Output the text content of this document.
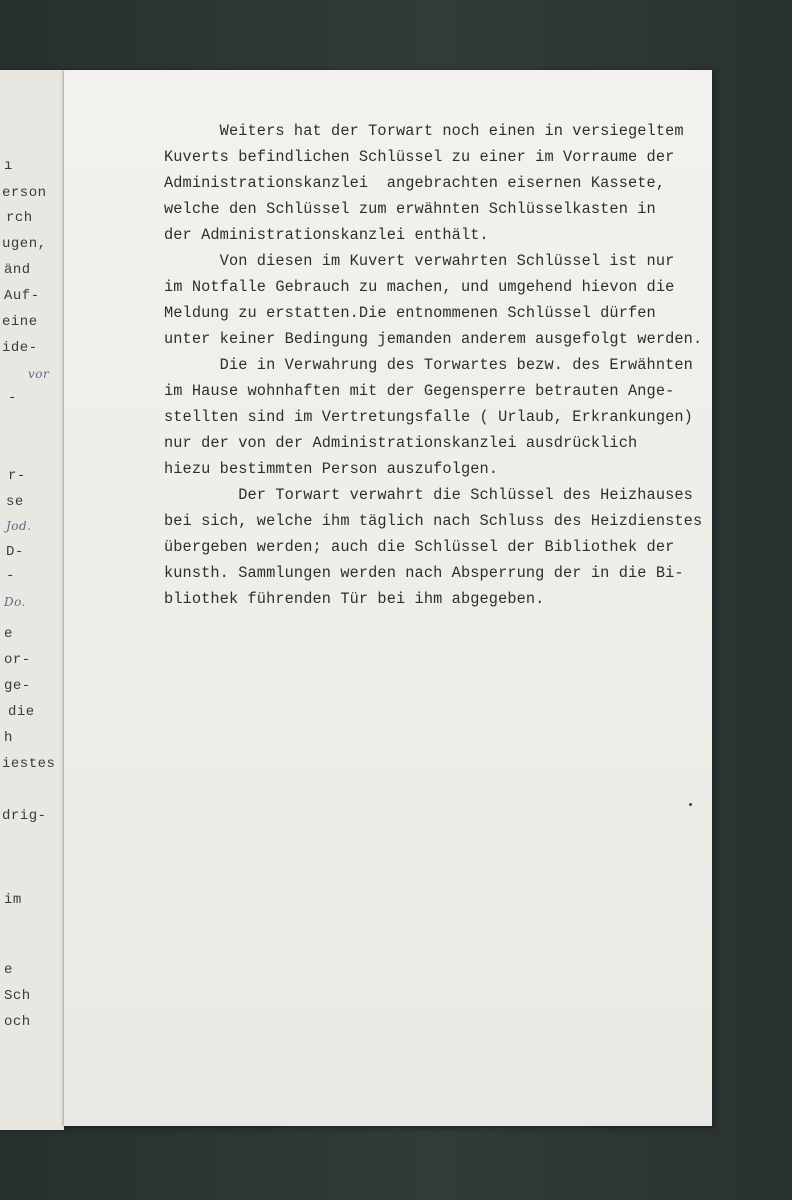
ı
erson
rch
ugen,
änd
Auf-
eine
ide-
vor
-
r-
se
Jod.
D-
-
Do.
e
or-
ge-
die
h
iestes
drig-
im
e
Sch
och

Weiters hat der Torwart noch einen in versiegeltem

Kuverts befindlichen Schlüssel zu einer im Vorraume der

Administrationskanzlei  angebrachten eisernen Kassete,

welche den Schlüssel zum erwähnten Schlüsselkasten in

der Administrationskanzlei enthält.

Von diesen im Kuvert verwahrten Schlüssel ist nur

im Notfalle Gebrauch zu machen, und umgehend hievon die

Meldung zu erstatten.Die entnommenen Schlüssel dürfen

unter keiner Bedingung jemanden anderem ausgefolgt werden.

Die in Verwahrung des Torwartes bezw. des Erwähnten

im Hause wohnhaften mit der Gegensperre betrauten Ange-

stellten sind im Vertretungsfalle ( Urlaub, Erkrankungen)

nur der von der Administrationskanzlei ausdrücklich

hiezu bestimmten Person auszufolgen.

Der Torwart verwahrt die Schlüssel des Heizhauses

bei sich, welche ihm täglich nach Schluss des Heizdienstes

übergeben werden; auch die Schlüssel der Bibliothek der

kunsth. Sammlungen werden nach Absperrung der in die Bi-

bliothek führenden Tür bei ihm abgegeben.
